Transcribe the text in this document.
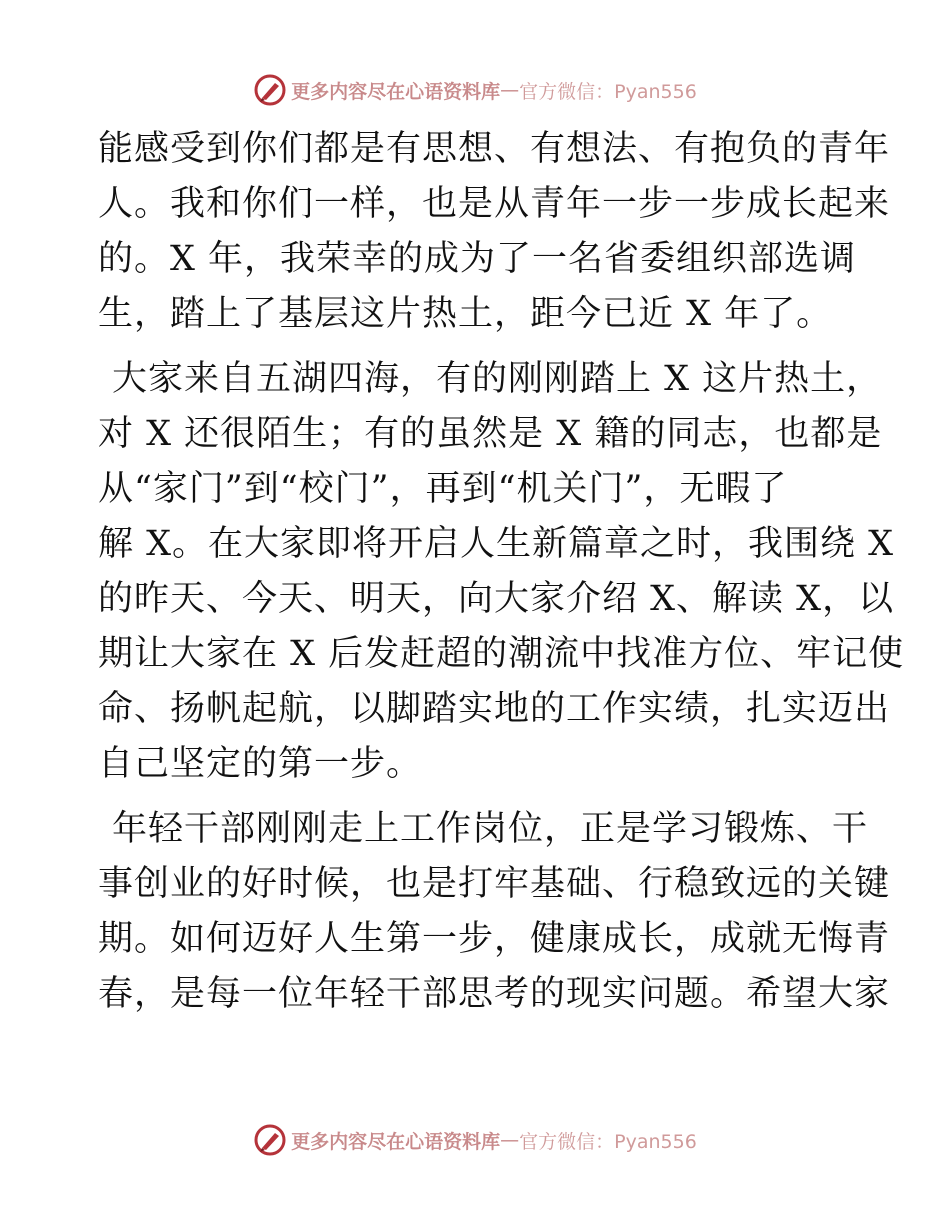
更多内容尽在心语资料库 — 官方微信：Pyan556
能感受到你们都是有思想、有想法、有抱负的青年
人。我和你们一样，也是从青年一步一步成长起来
的。X 年，我荣幸的成为了一名省委组织部选调
生，踏上了基层这片热土，距今已近 X 年了。
大家来自五湖四海，有的刚刚踏上 X 这片热土，
对 X 还很陌生；有的虽然是 X 籍的同志，也都是
从“家门”到“校门”，再到“机关门”，无暇了
解 X。在大家即将开启人生新篇章之时，我围绕 X
的昨天、今天、明天，向大家介绍 X、解读 X，以
期让大家在 X 后发赶超的潮流中找准方位、牢记使
命、扬帆起航，以脚踏实地的工作实绩，扎实迈出
自己坚定的第一步。
年轻干部刚刚走上工作岗位，正是学习锻炼、干
事创业的好时候，也是打牢基础、行稳致远的关键
期。如何迈好人生第一步，健康成长，成就无悔青
春，是每一位年轻干部思考的现实问题。希望大家
更多内容尽在心语资料库 — 官方微信：Pyan556
